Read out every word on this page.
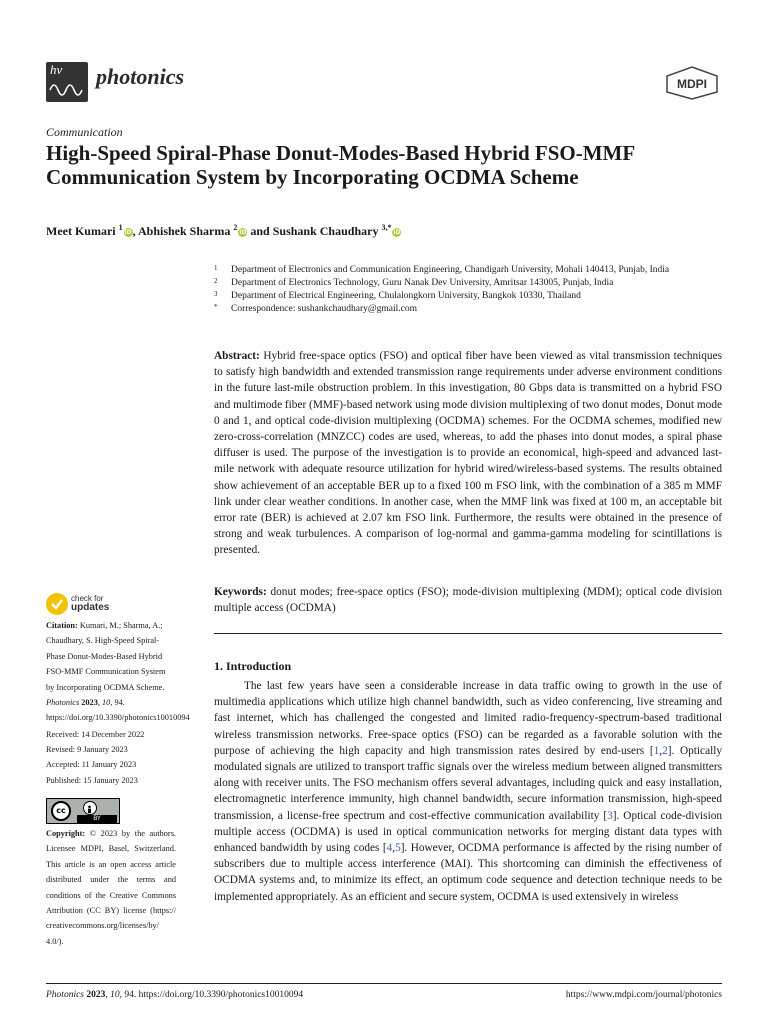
hv photonics	MDPI
Communication
High-Speed Spiral-Phase Donut-Modes-Based Hybrid FSO-MMF Communication System by Incorporating OCDMA Scheme
Meet Kumari $^1$iD, Abhishek Sharma $^2$iD and Sushank Chaudhary $^{3,*}$iD
1 Department of Electronics and Communication Engineering, Chandigarh University, Mohali 140413, Punjab, India
2 Department of Electronics Technology, Guru Nanak Dev University, Amritsar 143005, Punjab, India
3 Department of Electrical Engineering, Chulalongkorn University, Bangkok 10330, Thailand
* Correspondence: sushankchaudhary@gmail.com
Abstract: Hybrid free-space optics (FSO) and optical fiber have been viewed as vital transmission techniques to satisfy high bandwidth and extended transmission range requirements under adverse environment conditions in the future last-mile obstruction problem. In this investigation, 80 Gbps data is transmitted on a hybrid FSO and multimode fiber (MMF)-based network using mode division multiplexing of two donut modes, Donut mode 0 and 1, and optical code-division multiplexing (OCDMA) schemes. For the OCDMA schemes, modified new zero-cross-correlation (MNZCC) codes are used, whereas, to add the phases into donut modes, a spiral phase diffuser is used. The purpose of the investigation is to provide an economical, high-speed and advanced last-mile network with adequate resource utilization for hybrid wired/wireless-based systems. The results obtained show achievement of an acceptable BER up to a fixed 100 m FSO link, with the combination of a 385 m MMF link under clear weather conditions. In another case, when the MMF link was fixed at 100 m, an acceptable bit error rate (BER) is achieved at 2.07 km FSO link. Furthermore, the results were obtained in the presence of strong and weak turbulences. A comparison of log-normal and gamma-gamma modeling for scintillations is presented.
Keywords: donut modes; free-space optics (FSO); mode-division multiplexing (MDM); optical code division multiple access (OCDMA)
check for
updates
Citation: Kumari, M.; Sharma, A.; Chaudhary, S. High-Speed Spiral-Phase Donut-Modes-Based Hybrid FSO-MMF Communication System by Incorporating OCDMA Scheme. Photonics 2023, 10, 94. https://doi.org/10.3390/photonics10010094
Received: 14 December 2022
Revised: 9 January 2023
Accepted: 11 January 2023
Published: 15 January 2023
cc
BY
Copyright: © 2023 by the authors. Licensee MDPI, Basel, Switzerland. This article is an open access article distributed under the terms and conditions of the Creative Commons Attribution (CC BY) license (https:// creativecommons.org/licenses/by/ 4.0/).
1. Introduction

The last few years have seen a considerable increase in data traffic owing to growth in the use of multimedia applications which utilize high channel bandwidth, such as video conferencing, live streaming and fast internet, which has challenged the congested and limited radio-frequency-spectrum-based traditional wireless transmission networks. Free-space optics (FSO) can be regarded as a favorable solution with the purpose of achieving the high capacity and high transmission rates desired by end-users [1,2]. Optically modulated signals are utilized to transport traffic signals over the wireless medium between aligned transmitters along with receiver units. The FSO mechanism offers several advantages, including quick and easy installation, electromagnetic interference immunity, high channel bandwidth, secure information transmission, high-speed transmission, a license-free spectrum and cost-effective communication availability [3]. Optical code-division multiple access (OCDMA) is used in optical communication networks for merging distant data types with enhanced bandwidth by using codes [4,5]. However, OCDMA performance is affected by the rising number of subscribers due to multiple access interference (MAI). This shortcoming can diminish the effectiveness of OCDMA systems and, to minimize its effect, an optimum code sequence and detection technique needs to be implemented appropriately. As an efficient and secure system, OCDMA is used extensively in wireless

Photonics 2023, 10, 94. https://doi.org/10.3390/photonics10010094	https://www.mdpi.com/journal/photonics
